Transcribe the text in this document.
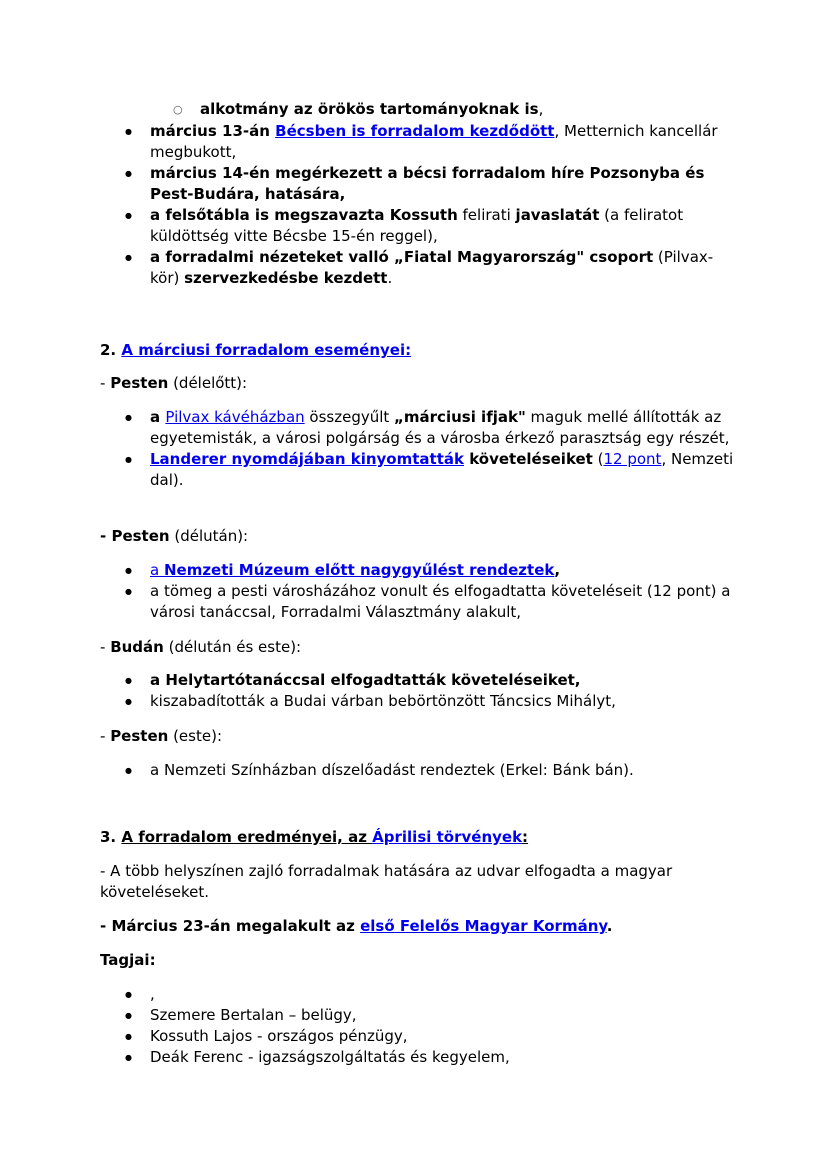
○ alkotmány az örökös tartományoknak is,
● március 13-án Bécsben is forradalom kezdődött, Metternich kancellár megbukott,
● március 14-én megérkezett a bécsi forradalom híre Pozsonyba és Pest-Budára, hatására,
● a felsőtábla is megszavazta Kossuth felirati javaslatát (a feliratot küldöttség vitte Bécsbe 15-én reggel),
● a forradalmi nézeteket valló „Fiatal Magyarország" csoport (Pilvax-kör) szervezkedésbe kezdett.
2. A márciusi forradalom eseményei:
- Pesten (délelőtt):
● a Pilvax kávéházban összegyűlt „márciusi ifjak" maguk mellé állították az egyetemisták, a városi polgárság és a városba érkező parasztság egy részét,
● Landerer nyomdájában kinyomtatták követeléseiket (12 pont, Nemzeti dal).
- Pesten (délután):
● a Nemzeti Múzeum előtt nagygyűlést rendeztek,
● a tömeg a pesti városházához vonult és elfogadtatta követeléseit (12 pont) a városi tanáccsal, Forradalmi Választmány alakult,
- Budán (délután és este):
● a Helytartótanáccsal elfogadtatták követeléseiket,
● kiszabadították a Budai várban bebörtönzött Táncsics Mihályt,
- Pesten (este):
● a Nemzeti Színházban díszelőadást rendeztek (Erkel: Bánk bán).
3. A forradalom eredményei, az Áprilisi törvények:

- A több helyszínen zajló forradalmak hatására az udvar elfogadta a magyar követeléseket.

- Március 23-án megalakult az első Felelős Magyar Kormány.
Tagjai:
● ,
● Szemere Bertalan – belügy,
● Kossuth Lajos - országos pénzügy,
● Deák Ferenc - igazságszolgáltatás és kegyelem,
